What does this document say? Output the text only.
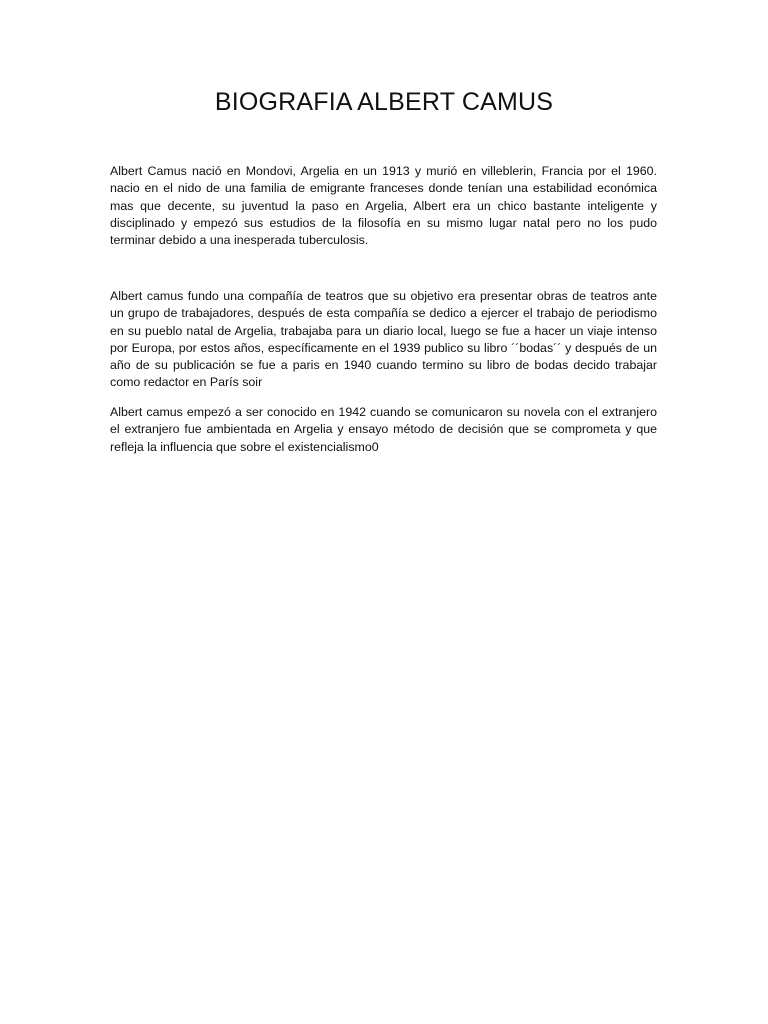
BIOGRAFIA ALBERT CAMUS

Albert Camus nació en Mondovi, Argelia en un 1913 y murió en villeblerin, Francia por el 1960. nacio en el nido de una familia de emigrante franceses donde tenían una estabilidad económica mas que decente, su juventud la paso en Argelia, Albert era un chico bastante inteligente y disciplinado y empezó sus estudios de la filosofía en su mismo lugar natal pero no los pudo terminar debido a una inesperada tuberculosis.

Albert camus fundo una compañía de teatros que su objetivo era presentar obras de teatros ante un grupo de trabajadores, después de esta compañía se dedico a ejercer el trabajo de periodismo en su pueblo natal de Argelia, trabajaba para un diario local, luego se fue a hacer un viaje intenso por Europa, por estos años, específicamente en el 1939 publico su libro ´´bodas´´ y después de un año de su publicación se fue a paris en 1940 cuando termino su libro de bodas decido trabajar como redactor en París soir

Albert camus empezó a ser conocido en 1942 cuando se comunicaron su novela con el extranjero el extranjero fue ambientada en Argelia y ensayo método de decisión que se comprometa y que refleja la influencia que sobre el existencialismo0
